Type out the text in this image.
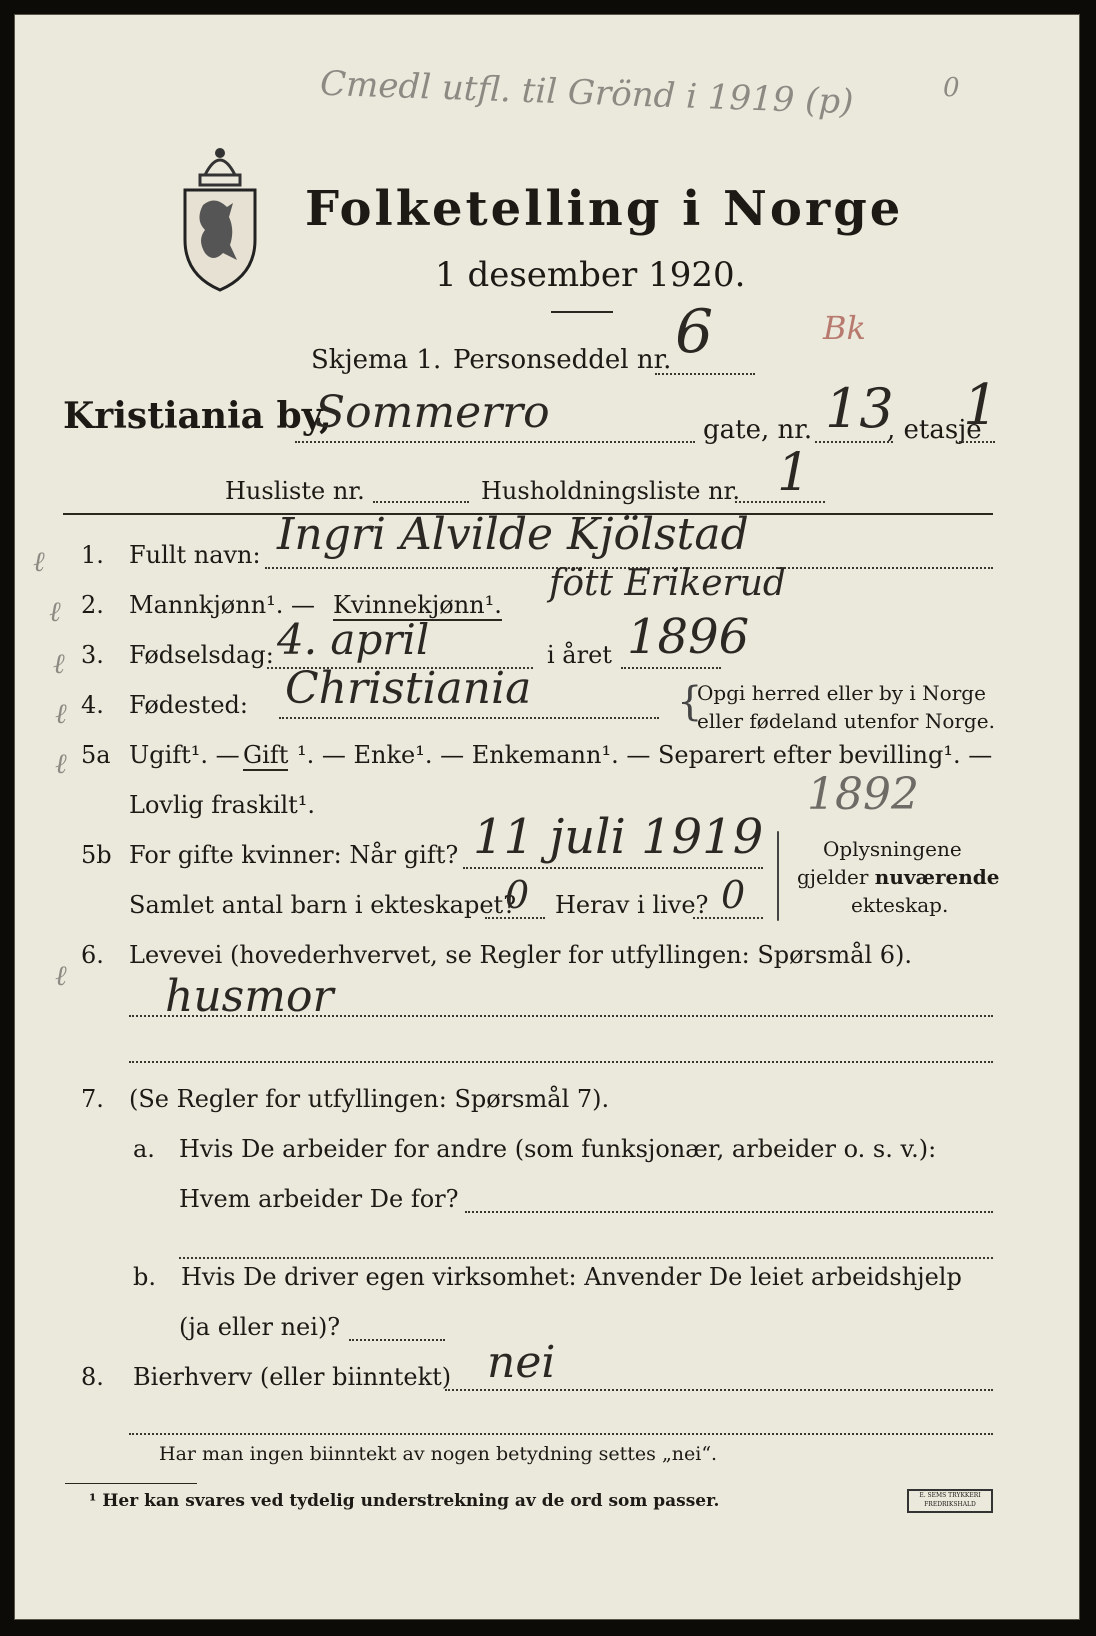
Cmedl utfl. til Grönd i 1919 (p)	0
Folketelling i Norge
1 desember 1920.
Skjema 1. Personseddel nr. 6	Bk
Kristiania by,
Sommerro	gate, nr. 13
, etasje
1
Husliste nr.	Husholdningsliste nr. 1
ℓ
ℓ
ℓ
ℓ
ℓ
ℓ
1. Fullt navn: Ingri Alvilde Kjölstad
fött Erikerud
2. Mannkjønn¹. — Kvinnekjønn¹.
3. Fødselsdag: 4. april	i året 1896
4. Fødested: Christiania	{
Opgi herred eller by i Norge
eller fødeland utenfor Norge.
5a Ugift¹. — Gift ¹. — Enke¹. — Enkemann¹. — Separert efter bevilling¹. —
Lovlig fraskilt¹.	1892
5b For gifte kvinner: Når gift? 11 juli 1919
Samlet antal barn i ekteskapet?
0 Herav i live? 0
Oplysningene
gjelder nuværende
ekteskap.
6. Levevei (hovederhvervet, se Regler for utfyllingen: Spørsmål 6).
husmor
7. (Se Regler for utfyllingen: Spørsmål 7).
a. Hvis De arbeider for andre (som funksjonær, arbeider o. s. v.):
Hvem arbeider De for?
b. Hvis De driver egen virksomhet: Anvender De leiet arbeidshjelp
(ja eller nei)?
8. Bierhverv (eller biinntekt) nei
Har man ingen biinntekt av nogen betydning settes „nei“.
¹ Her kan svares ved tydelig understrekning av de ord som passer.	E. SEMS TRYKKERI FREDRIKSHALD
